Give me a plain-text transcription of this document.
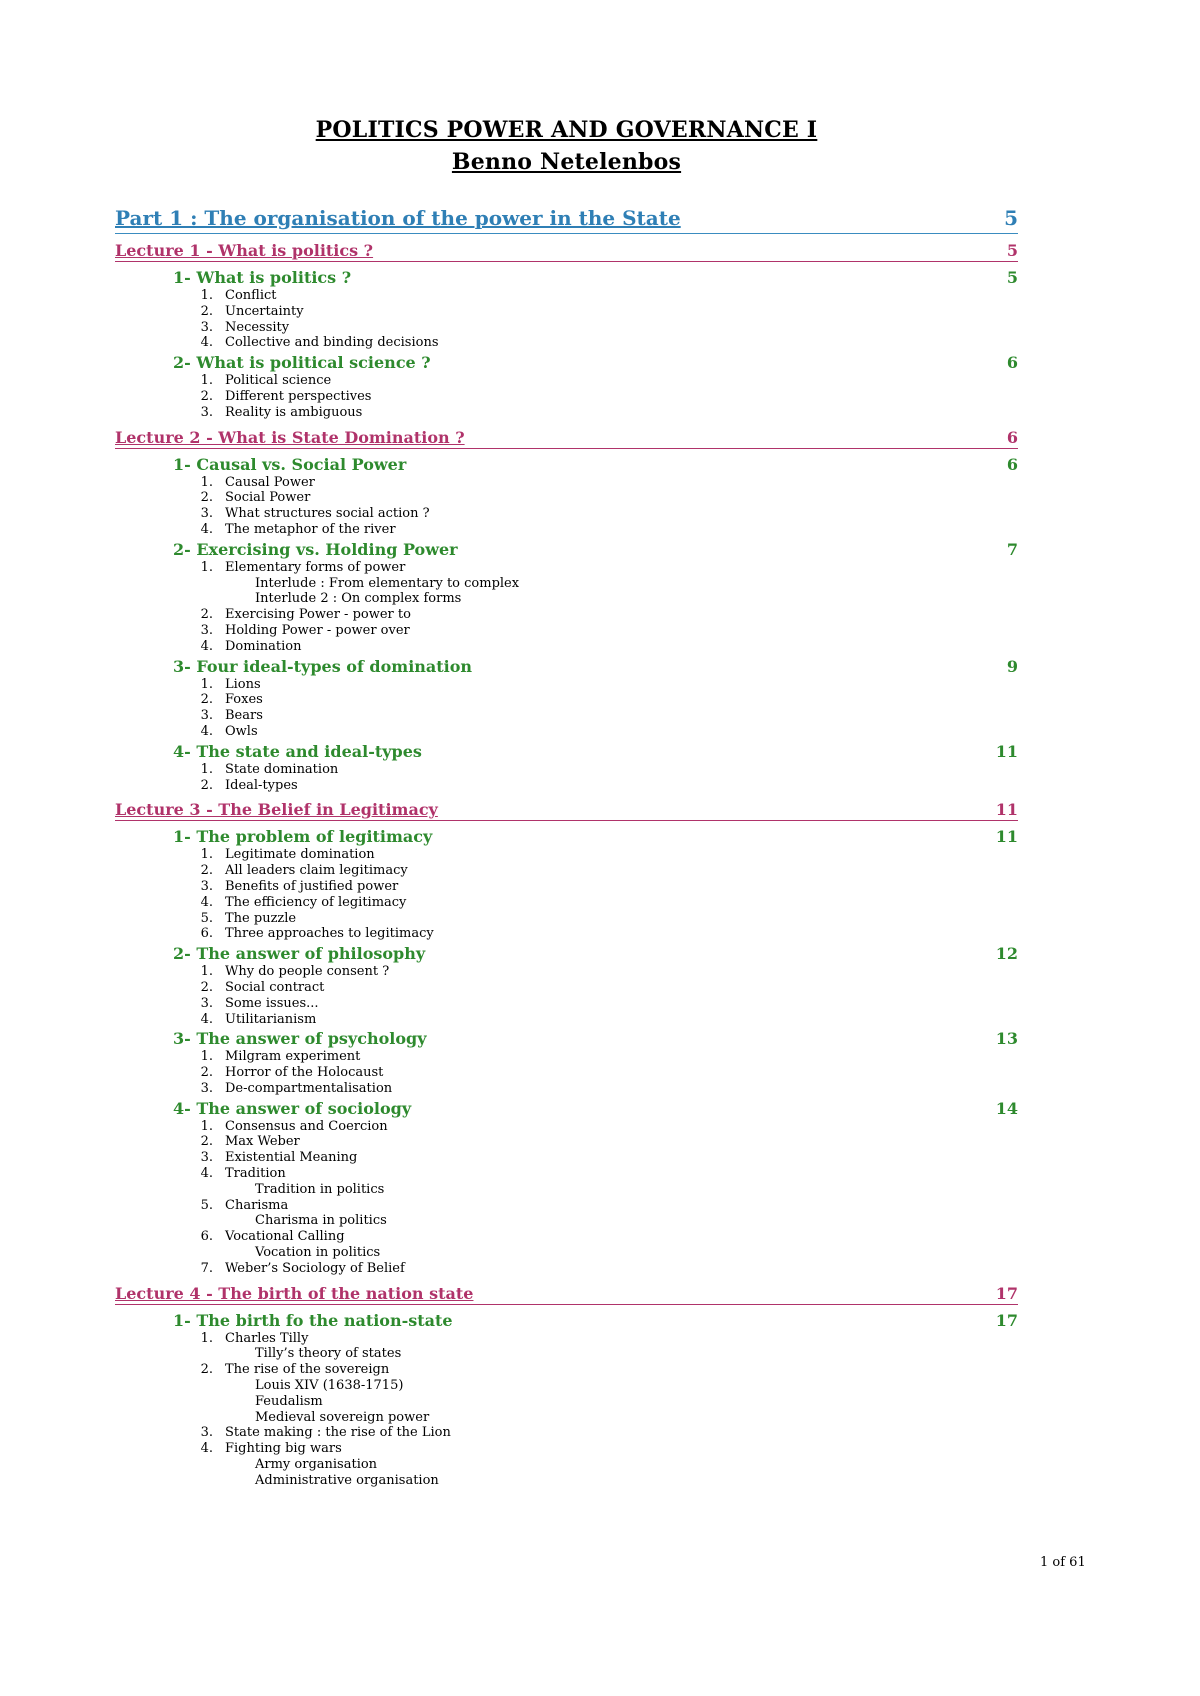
POLITICS POWER AND GOVERNANCE I
Benno Netelenbos
Part 1 : The organisation of the power in the State	5
Lecture 1 - What is politics ?	5
1- What is politics ?	5
1. Conflict
2. Uncertainty
3. Necessity
4. Collective and binding decisions
2- What is political science ?	6
1. Political science
2. Different perspectives
3. Reality is ambiguous
Lecture 2 - What is State Domination ?	6
1- Causal vs. Social Power	6
1. Causal Power
2. Social Power
3. What structures social action ?
4. The metaphor of the river
2- Exercising vs. Holding Power	7
1. Elementary forms of power
Interlude : From elementary to complex
Interlude 2 : On complex forms
2. Exercising Power - power to
3. Holding Power - power over
4. Domination
3- Four ideal-types of domination	9
1. Lions
2. Foxes
3. Bears
4. Owls
4- The state and ideal-types	11
1. State domination
2. Ideal-types
Lecture 3 - The Belief in Legitimacy	11
1- The problem of legitimacy	11
1. Legitimate domination
2. All leaders claim legitimacy
3. Benefits of justified power
4. The efficiency of legitimacy
5. The puzzle
6. Three approaches to legitimacy
2- The answer of philosophy	12
1. Why do people consent ?
2. Social contract
3. Some issues...
4. Utilitarianism
3- The answer of psychology	13
1. Milgram experiment
2. Horror of the Holocaust
3. De-compartmentalisation
4- The answer of sociology	14
1. Consensus and Coercion
2. Max Weber
3. Existential Meaning
4. Tradition
Tradition in politics
5. Charisma
Charisma in politics
6. Vocational Calling
Vocation in politics
7. Weber’s Sociology of Belief
Lecture 4 - The birth of the nation state	17
1- The birth fo the nation-state	17
1. Charles Tilly
Tilly’s theory of states
2. The rise of the sovereign
Louis XIV (1638-1715)
Feudalism
Medieval sovereign power
3. State making : the rise of the Lion
4. Fighting big wars
Army organisation
Administrative organisation
1 of 61
